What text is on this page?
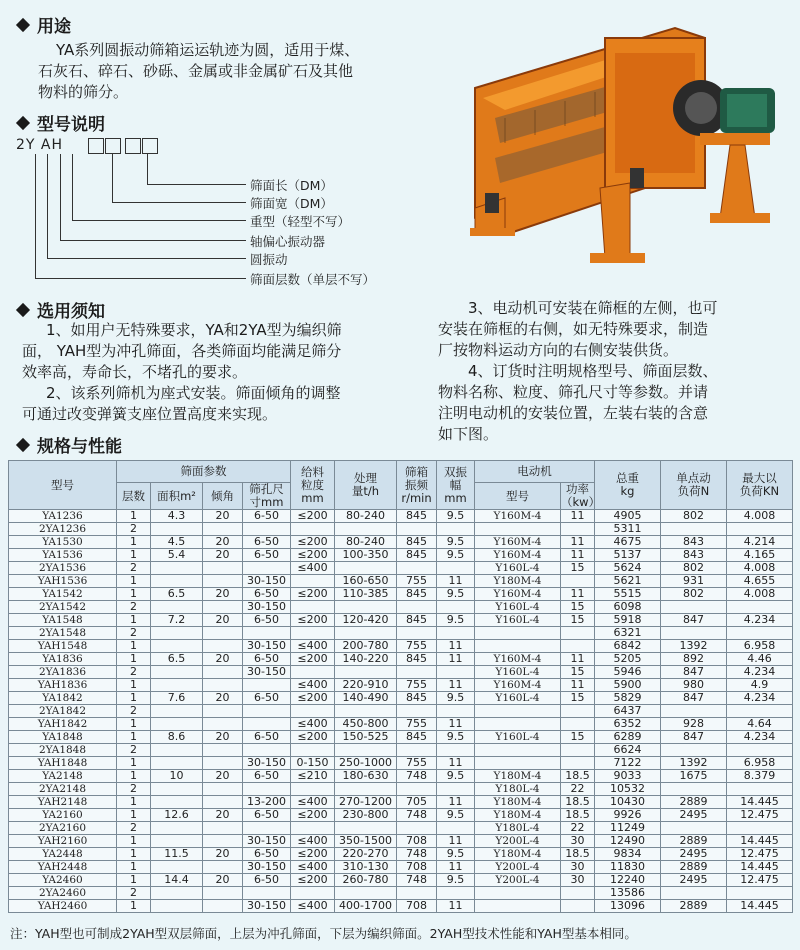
用途
YA系列圆振动筛箱运运轨迹为圆，适用于煤、
石灰石、碎石、砂砾、金属或非金属矿石及其他
物料的筛分。
型号说明
2Y AH
筛面长（DM）
筛面宽（DM）
重型（轻型不写）
轴偏心振动器
圆振动
筛面层数（单层不写）
选用须知
1、如用户无特殊要求，YA和2YA型为编织筛
面， YAH型为冲孔筛面，各类筛面均能满足筛分
效率高，寿命长，不堵孔的要求。
2、该系列筛机为座式安装。筛面倾角的调整
可通过改变弹簧支座位置高度来实现。
3、电动机可安装在筛框的左侧，也可
安装在筛框的右侧，如无特殊要求，制造
厂按物料运动方向的右侧安装供货。
4、订货时注明规格型号、筛面层数、
物料名称、粒度、筛孔尺寸等参数。并请
注明电动机的安装位置，左装右装的含意
如下图。
规格与性能
型号	筛面参数				给料
粒度
mm	处理
量t/h	筛箱
振频
r/min	双振
幅
mm	电动机		总重
kg	单点动
负荷N	最大以
负荷KN
	层数	面积m²	倾角	筛孔尺
寸mm					型号	功率
（kw）			
YA1236	1	4.3	20	6-50	≤200	80-240	845	9.5	Y160M-4	11	4905	802	4.008
2YA1236	2										5311		
YA1530	1	4.5	20	6-50	≤200	80-240	845	9.5	Y160M-4	11	4675	843	4.214
YA1536	1	5.4	20	6-50	≤200	100-350	845	9.5	Y160M-4	11	5137	843	4.165
2YA1536	2				≤400				Y160L-4	15	5624	802	4.008
YAH1536	1			30-150		160-650	755	11	Y180M-4		5621	931	4.655
YA1542	1	6.5	20	6-50	≤200	110-385	845	9.5	Y160M-4	11	5515	802	4.008
2YA1542	2			30-150					Y160L-4	15	6098		
YA1548	1	7.2	20	6-50	≤200	120-420	845	9.5	Y160L-4	15	5918	847	4.234
2YA1548	2										6321		
YAH1548	1			30-150	≤400	200-780	755	11			6842	1392	6.958
YA1836	1	6.5	20	6-50	≤200	140-220	845	11	Y160M-4	11	5205	892	4.46
2YA1836	2			30-150					Y160L-4	15	5946	847	4.234
YAH1836	1				≤400	220-910	755	11	Y160M-4	11	5900	980	4.9
YA1842	1	7.6	20	6-50	≤200	140-490	845	9.5	Y160L-4	15	5829	847	4.234
2YA1842	2										6437		
YAH1842	1				≤400	450-800	755	11			6352	928	4.64
YA1848	1	8.6	20	6-50	≤200	150-525	845	9.5	Y160L-4	15	6289	847	4.234
2YA1848	2										6624		
YAH1848	1			30-150	0-150	250-1000	755	11			7122	1392	6.958
YA2148	1	10	20	6-50	≤210	180-630	748	9.5	Y180M-4	18.5	9033	1675	8.379
2YA2148	2								Y180L-4	22	10532		
YAH2148	1			13-200	≤400	270-1200	705	11	Y180M-4	18.5	10430	2889	14.445
YA2160	1	12.6	20	6-50	≤200	230-800	748	9.5	Y180M-4	18.5	9926	2495	12.475
2YA2160	2								Y180L-4	22	11249		
YAH2160	1			30-150	≤400	350-1500	708	11	Y200L-4	30	12490	2889	14.445
YA2448	1	11.5	20	6-50	≤200	220-270	748	9.5	Y180M-4	18.5	9834	2495	12.475
YAH2448	1			30-150	≤400	310-130	708	11	Y200L-4	30	11830	2889	14.445
YA2460	1	14.4	20	6-50	≤200	260-780	748	9.5	Y200L-4	30	12240	2495	12.475
2YA2460	2										13586		
YAH2460	1			30-150	≤400	400-1700	708	11			13096	2889	14.445
注：YAH型也可制成2YAH型双层筛面，上层为冲孔筛面，下层为编织筛面。2YAH型技术性能和YAH型基本相同。
